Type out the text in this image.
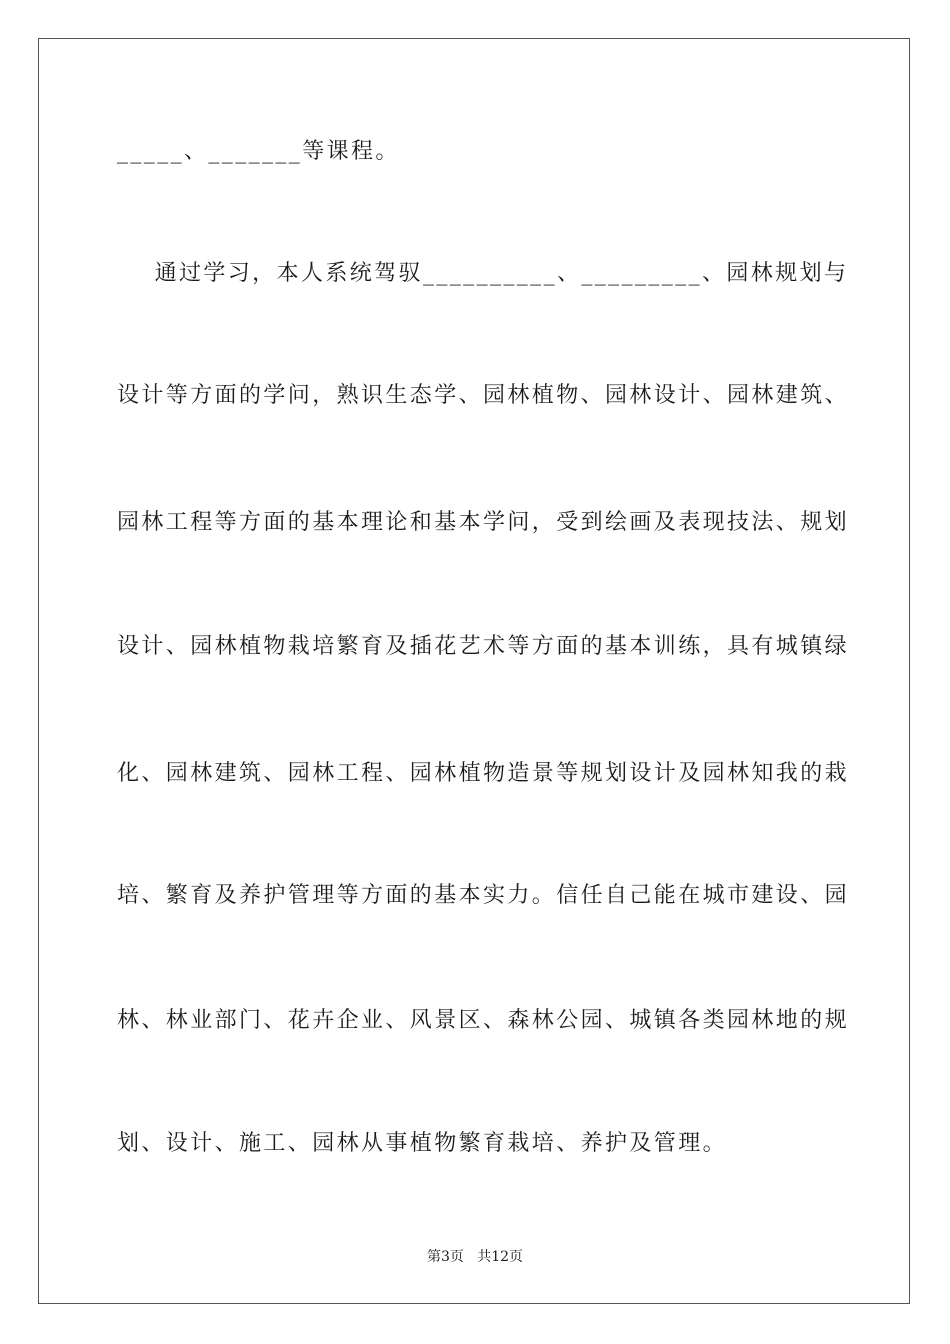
_____、_______等课程。
通过学习，本人系统驾驭__________、_________、园林规划与
设计等方面的学问，熟识生态学、园林植物、园林设计、园林建筑、
园林工程等方面的基本理论和基本学问，受到绘画及表现技法、规划
设计、园林植物栽培繁育及插花艺术等方面的基本训练，具有城镇绿
化、园林建筑、园林工程、园林植物造景等规划设计及园林知我的栽
培、繁育及养护管理等方面的基本实力。信任自己能在城市建设、园
林、林业部门、花卉企业、风景区、森林公园、城镇各类园林地的规
划、设计、施工、园林从事植物繁育栽培、养护及管理。
第3页   共12页
